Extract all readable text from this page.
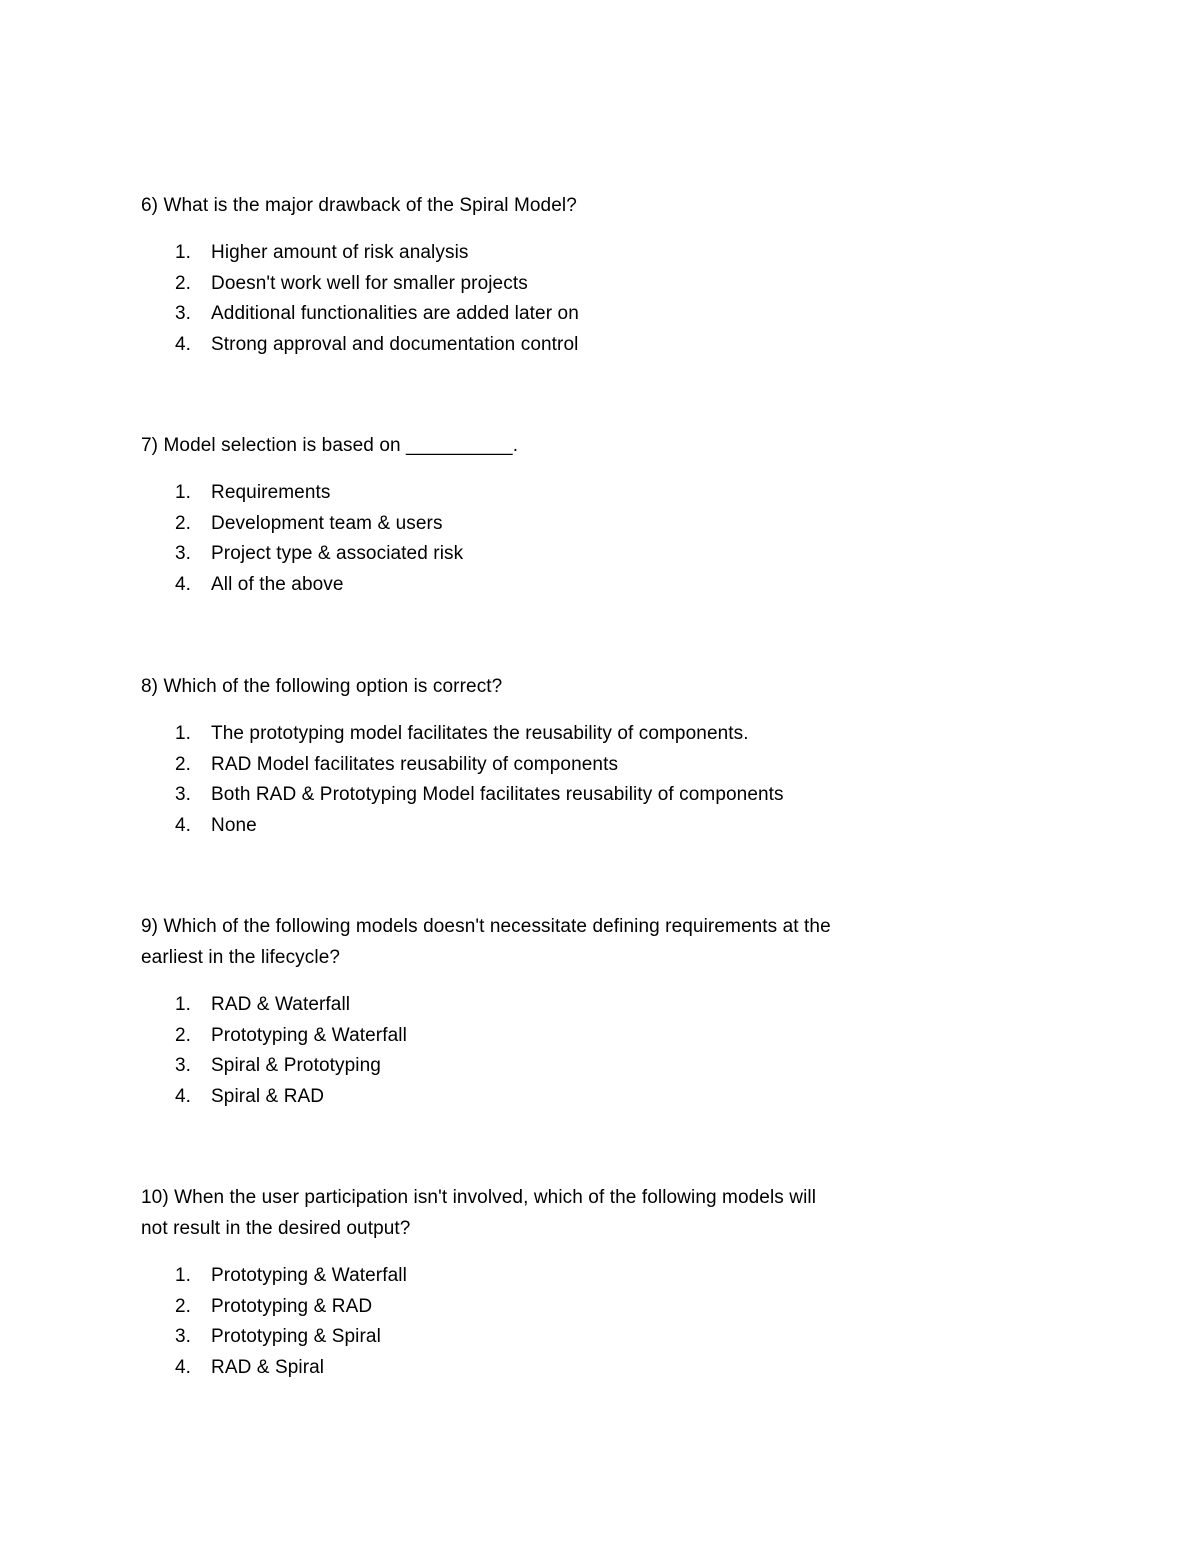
6) What is the major drawback of the Spiral Model?

1.	Higher amount of risk analysis
2.	Doesn't work well for smaller projects
3.	Additional functionalities are added later on
4.	Strong approval and documentation control

7) Model selection is based on __________.

1.	Requirements
2.	Development team & users
3.	Project type & associated risk
4.	All of the above

8) Which of the following option is correct?

1.	The prototyping model facilitates the reusability of components.
2.	RAD Model facilitates reusability of components
3.	Both RAD & Prototyping Model facilitates reusability of components
4.	None

9) Which of the following models doesn't necessitate defining requirements at the earliest in the lifecycle?

1.	RAD & Waterfall
2.	Prototyping & Waterfall
3.	Spiral & Prototyping
4.	Spiral & RAD

10) When the user participation isn't involved, which of the following models will not result in the desired output?

1.	Prototyping & Waterfall
2.	Prototyping & RAD
3.	Prototyping & Spiral
4.	RAD & Spiral
